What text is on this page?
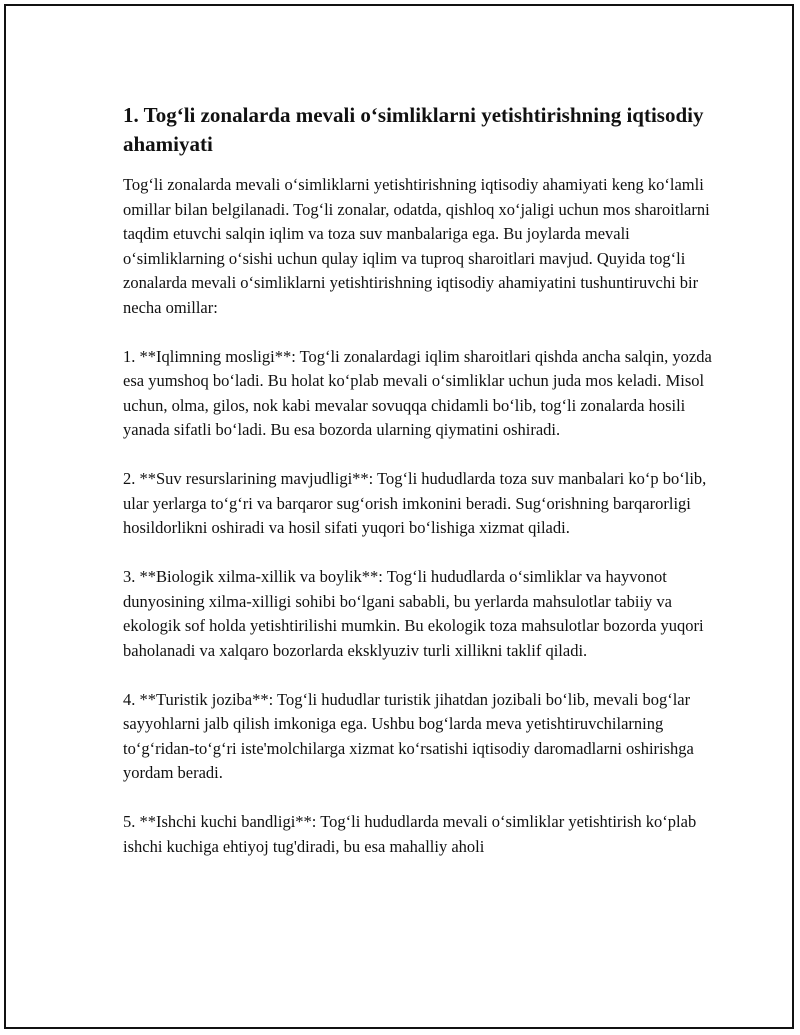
1. Tog‘li zonalarda mevali o‘simliklarni yetishtirishning iqtisodiy ahamiyati

Tog‘li zonalarda mevali o‘simliklarni yetishtirishning iqtisodiy ahamiyati keng ko‘lamli omillar bilan belgilanadi. Tog‘li zonalar, odatda, qishloq xo‘jaligi uchun mos sharoitlarni taqdim etuvchi salqin iqlim va toza suv manbalariga ega. Bu joylarda mevali o‘simliklarning o‘sishi uchun qulay iqlim va tuproq sharoitlari mavjud. Quyida tog‘li zonalarda mevali o‘simliklarni yetishtirishning iqtisodiy ahamiyatini tushuntiruvchi bir necha omillar:

1. **Iqlimning mosligi**: Tog‘li zonalardagi iqlim sharoitlari qishda ancha salqin, yozda esa yumshoq bo‘ladi. Bu holat ko‘plab mevali o‘simliklar uchun juda mos keladi. Misol uchun, olma, gilos, nok kabi mevalar sovuqqa chidamli bo‘lib, tog‘li zonalarda hosili yanada sifatli bo‘ladi. Bu esa bozorda ularning qiymatini oshiradi.

2. **Suv resurslarining mavjudligi**: Tog‘li hududlarda toza suv manbalari ko‘p bo‘lib, ular yerlarga to‘g‘ri va barqaror sug‘orish imkonini beradi. Sug‘orishning barqarorligi hosildorlikni oshiradi va hosil sifati yuqori bo‘lishiga xizmat qiladi.

3. **Biologik xilma-xillik va boylik**: Tog‘li hududlarda o‘simliklar va hayvonot dunyosining xilma-xilligi sohibi bo‘lgani sababli, bu yerlarda mahsulotlar tabiiy va ekologik sof holda yetishtirilishi mumkin. Bu ekologik toza mahsulotlar bozorda yuqori baholanadi va xalqaro bozorlarda eksklyuziv turli xillikni taklif qiladi.

4. **Turistik joziba**: Tog‘li hududlar turistik jihatdan jozibali bo‘lib, mevali bog‘lar sayyohlarni jalb qilish imkoniga ega. Ushbu bog‘larda meva yetishtiruvchilarning to‘g‘ridan-to‘g‘ri iste'molchilarga xizmat ko‘rsatishi iqtisodiy daromadlarni oshirishga yordam beradi.

5. **Ishchi kuchi bandligi**: Tog‘li hududlarda mevali o‘simliklar yetishtirish ko‘plab ishchi kuchiga ehtiyoj tug'diradi, bu esa mahalliy aholi
